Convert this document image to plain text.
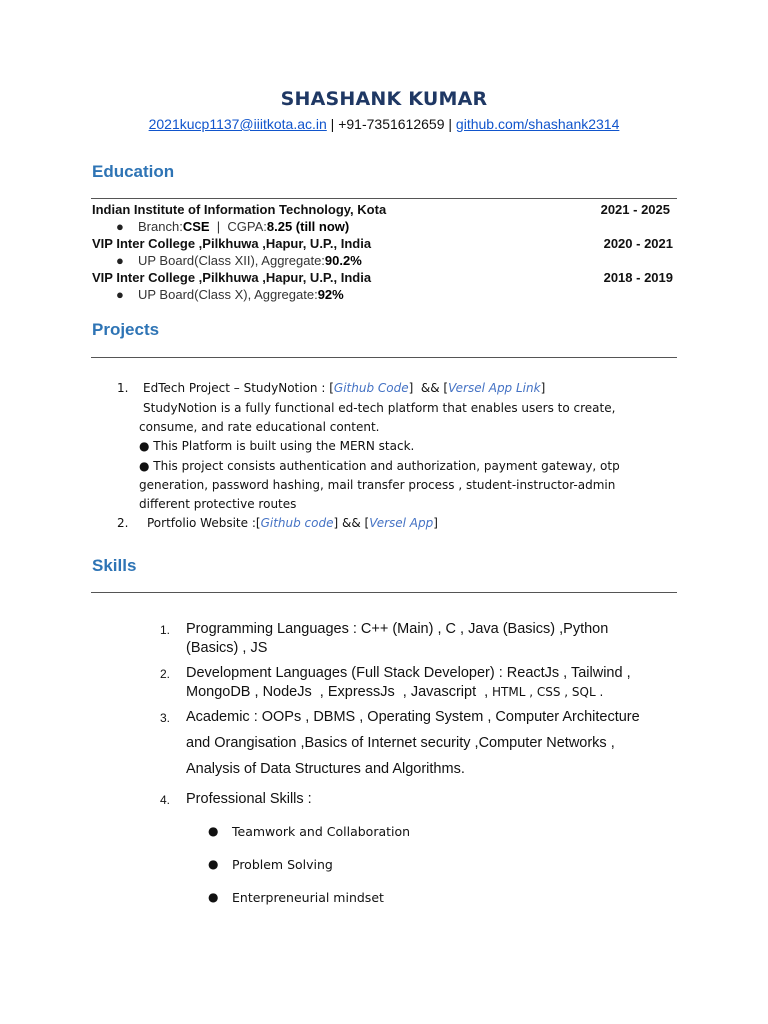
SHASHANK KUMAR
2021kucp1137@iiitkota.ac.in | +91-7351612659 | github.com/shashank2314
Education
Indian Institute of Information Technology, Kota	2021 - 2025
● Branch:CSE  |  CGPA:8.25 (till now)
VIP Inter College ,Pilkhuwa ,Hapur, U.P., India	2020 - 2021
● UP Board(Class XII), Aggregate:90.2%
VIP Inter College ,Pilkhuwa ,Hapur, U.P., India	2018 - 2019
● UP Board(Class X), Aggregate:92%
Projects
1. EdTech Project – StudyNotion : [Github Code]  && [Versel App Link]
StudyNotion is a fully functional ed-tech platform that enables users to create,
consume, and rate educational content.
● This Platform is built using the MERN stack.
● This project consists authentication and authorization, payment gateway, otp
generation, password hashing, mail transfer process , student-instructor-admin
different protective routes
2. Portfolio Website :[Github code] && [Versel App]
Skills
1. Programming Languages : C++ (Main) , C , Java (Basics) ,Python
(Basics) , JS
2. Development Languages (Full Stack Developer) : ReactJs , Tailwind ,
MongoDB , NodeJs  , ExpressJs  , Javascript  , HTML , CSS , SQL .
3. Academic : OOPs , DBMS , Operating System , Computer Architecture
and Orangisation ,Basics of Internet security ,Computer Networks ,
Analysis of Data Structures and Algorithms.
4. Professional Skills :
● Teamwork and Collaboration
● Problem Solving
● Enterpreneurial mindset
